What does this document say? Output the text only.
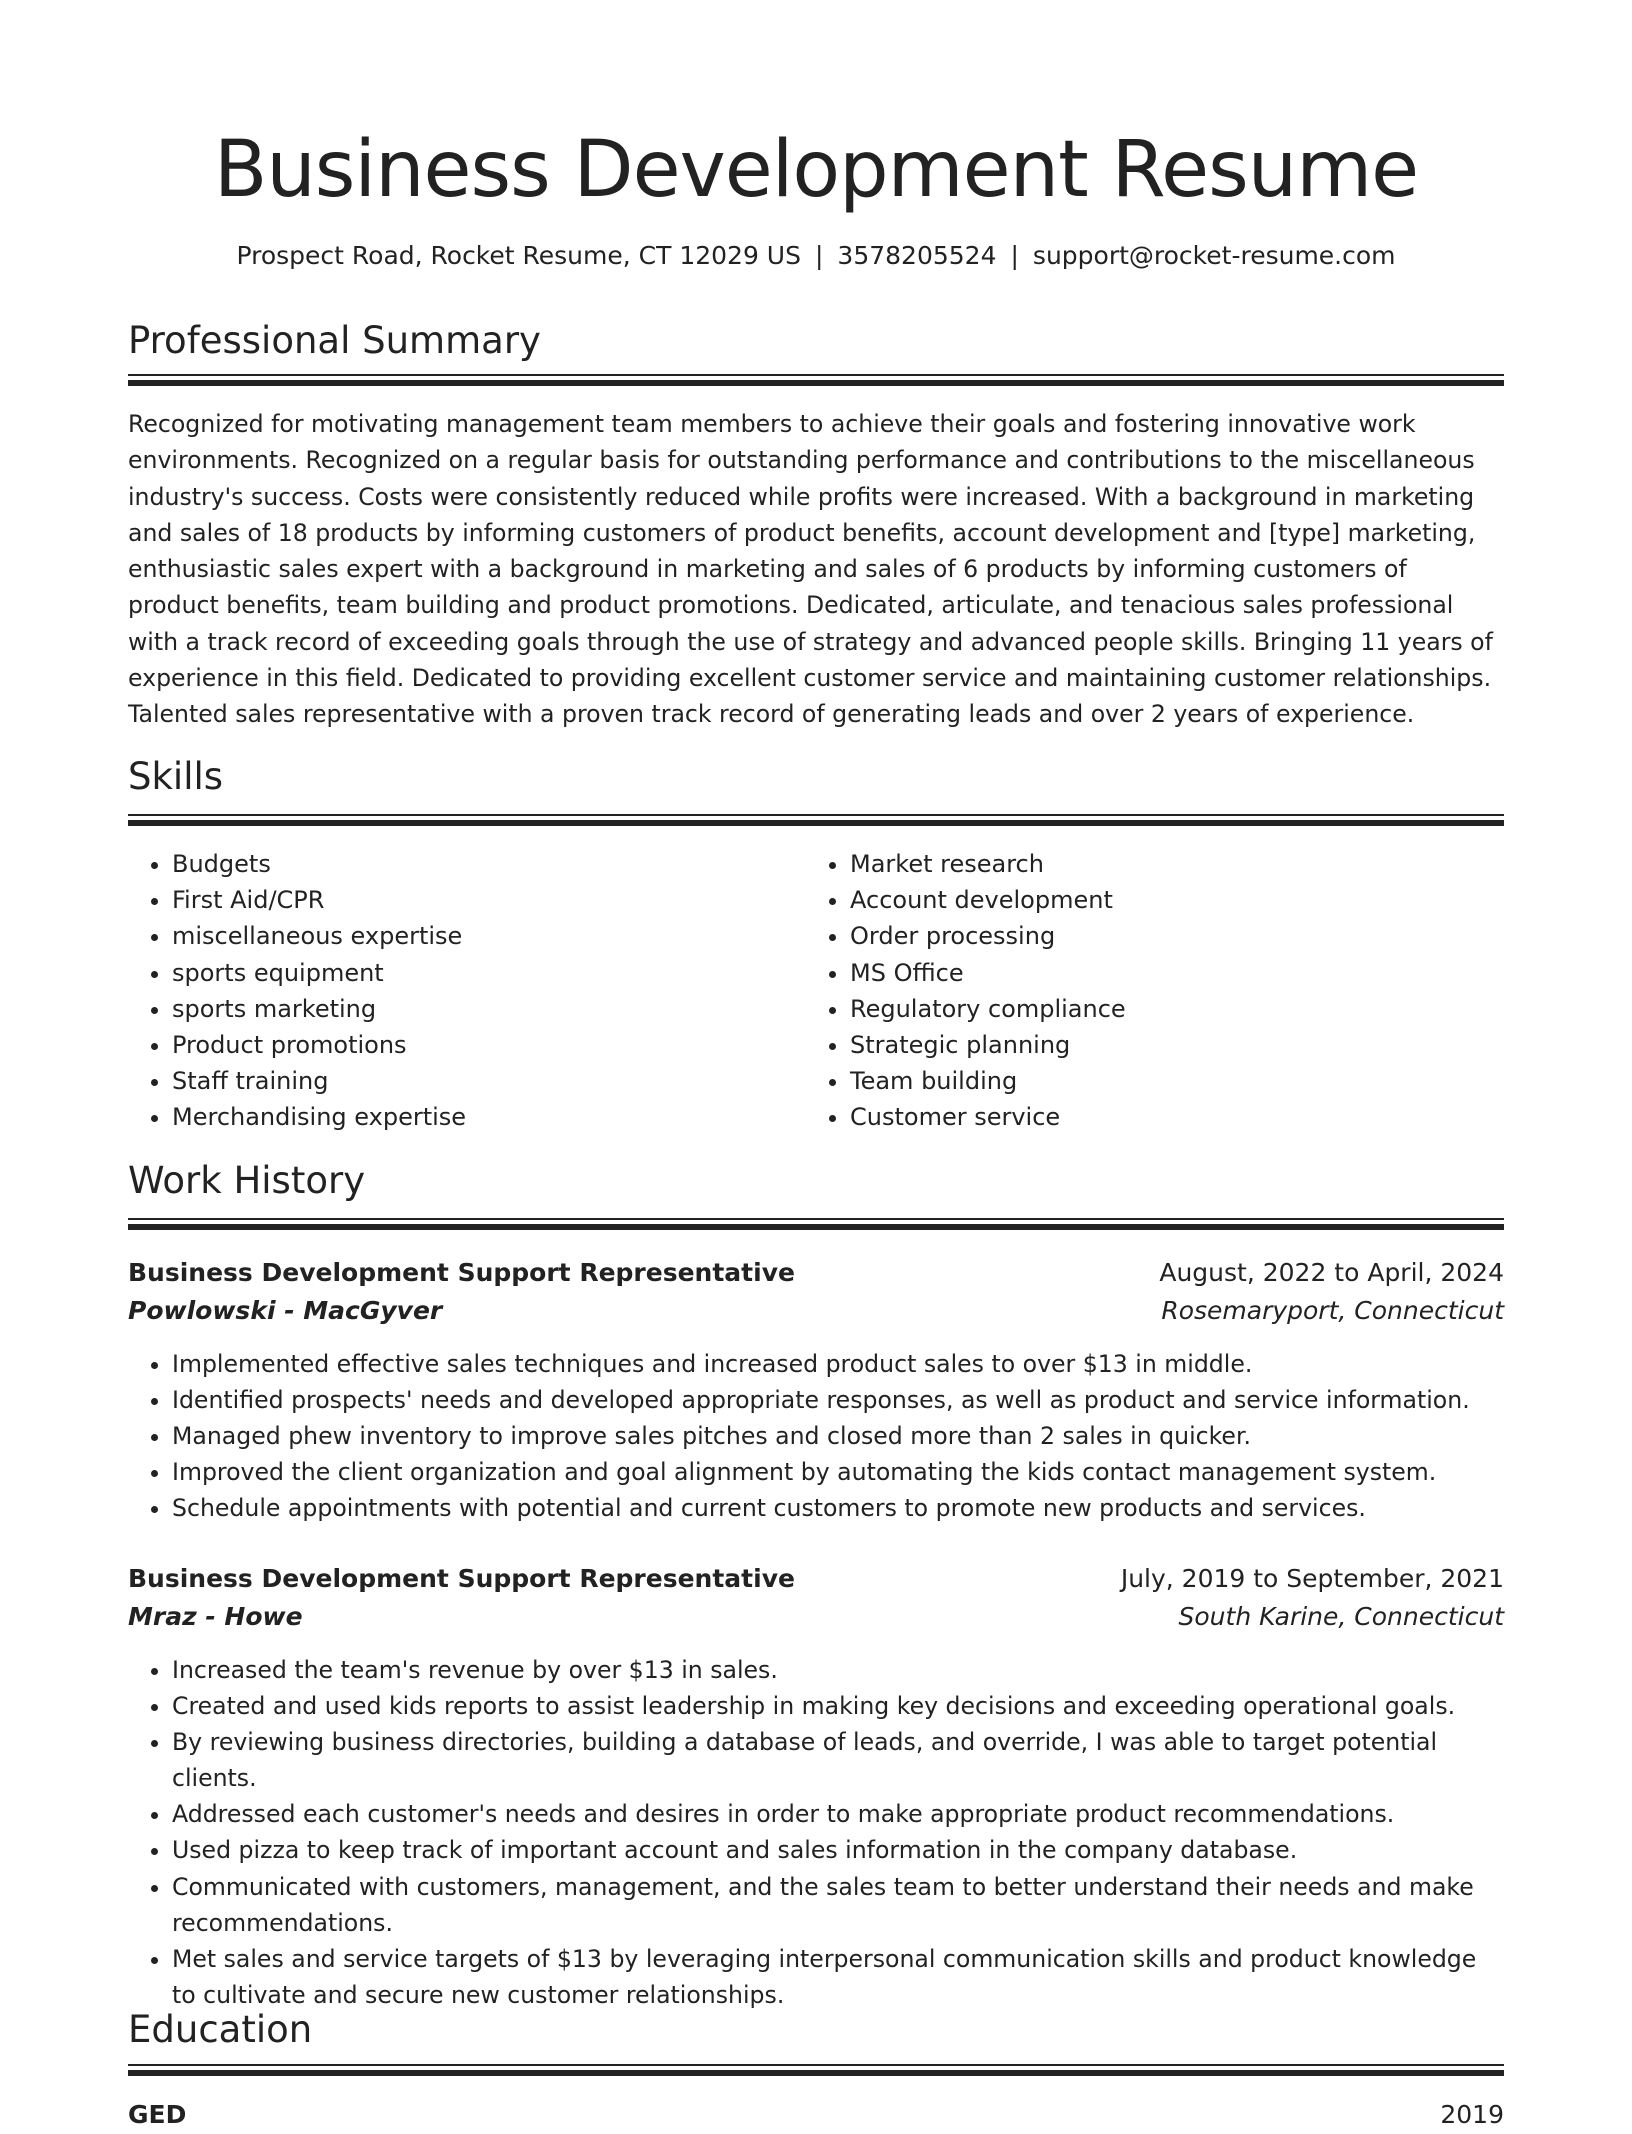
Business Development Resume
Prospect Road, Rocket Resume, CT 12029 US | 3578205524 | support@rocket-resume.com
Professional Summary

Recognized for motivating management team members to achieve their goals and fostering innovative work environments. Recognized on a regular basis for outstanding performance and contributions to the miscellaneous industry's success. Costs were consistently reduced while profits were increased. With a background in marketing and sales of 18 products by informing customers of product benefits, account development and [type] marketing, enthusiastic sales expert with a background in marketing and sales of 6 products by informing customers of product benefits, team building and product promotions. Dedicated, articulate, and tenacious sales professional with a track record of exceeding goals through the use of strategy and advanced people skills. Bringing 11 years of experience in this field. Dedicated to providing excellent customer service and maintaining customer relationships. Talented sales representative with a proven track record of generating leads and over 2 years of experience.

Skills
• Budgets
• First Aid/CPR
• miscellaneous expertise
• sports equipment
• sports marketing
• Product promotions
• Staff training
• Merchandising expertise
• Market research
• Account development
• Order processing
• MS Office
• Regulatory compliance
• Strategic planning
• Team building
• Customer service
Work History
Business Development Support Representative	August, 2022 to April, 2024
Powlowski - MacGyver	Rosemaryport, Connecticut
• Implemented effective sales techniques and increased product sales to over $13 in middle.
• Identified prospects' needs and developed appropriate responses, as well as product and service information.
• Managed phew inventory to improve sales pitches and closed more than 2 sales in quicker.
• Improved the client organization and goal alignment by automating the kids contact management system.
• Schedule appointments with potential and current customers to promote new products and services.
Business Development Support Representative	July, 2019 to September, 2021
Mraz - Howe	South Karine, Connecticut
• Increased the team's revenue by over $13 in sales.
• Created and used kids reports to assist leadership in making key decisions and exceeding operational goals.
• By reviewing business directories, building a database of leads, and override, I was able to target potential clients.
• Addressed each customer's needs and desires in order to make appropriate product recommendations.
• Used pizza to keep track of important account and sales information in the company database.
• Communicated with customers, management, and the sales team to better understand their needs and make recommendations.
• Met sales and service targets of $13 by leveraging interpersonal communication skills and product knowledge to cultivate and secure new customer relationships.
Education
GED	2019
